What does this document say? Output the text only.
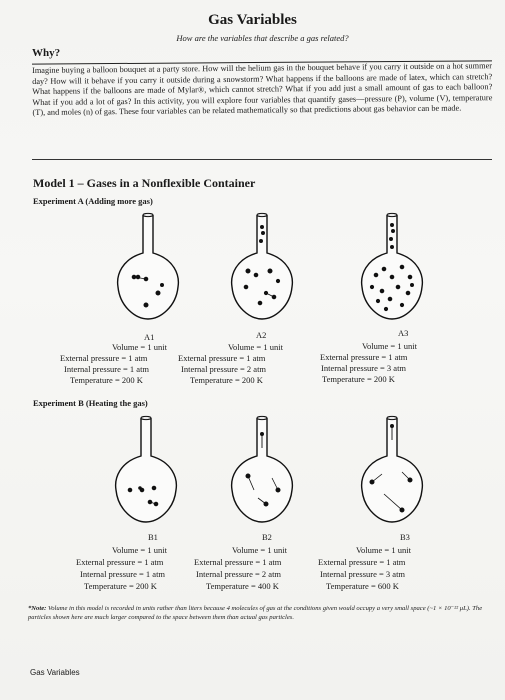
Gas Variables
How are the variables that describe a gas related?
Why?
Imagine buying a balloon bouquet at a party store. How will the helium gas in the bouquet behave if you carry it outside on a hot summer day? How will it behave if you carry it outside during a snowstorm? What happens if the balloons are made of latex, which can stretch? What happens if the balloons are made of Mylar®, which cannot stretch? What if you add just a small amount of gas to each balloon? What if you add a lot of gas? In this activity, you will explore four variables that quantify gases—pressure (P), volume (V), temperature (T), and moles (n) of gas. These four variables can be related mathematically so that predictions about gas behavior can be made.
Model 1 – Gases in a Nonflexible Container
Experiment A (Adding more gas)
A1	A2	A3
Volume = 1 unit	Volume = 1 unit	Volume = 1 unit
External pressure = 1 atm	External pressure = 1 atm	External pressure = 1 atm
Internal pressure = 1 atm	Internal pressure = 2 atm	Internal pressure = 3 atm
Temperature = 200 K	Temperature = 200 K	Temperature = 200 K
Experiment B (Heating the gas)
B1	B2	B3
Volume = 1 unit	Volume = 1 unit	Volume = 1 unit
External pressure = 1 atm	External pressure = 1 atm	External pressure = 1 atm
Internal pressure = 1 atm	Internal pressure = 2 atm	Internal pressure = 3 atm
Temperature = 200 K	Temperature = 400 K	Temperature = 600 K
*Note: Volume in this model is recorded in units rather than liters because 4 molecules of gas at the conditions given would occupy a very small space (~1 × 10⁻²² μL). The particles shown here are much larger compared to the space between them than actual gas particles.
Gas Variables
